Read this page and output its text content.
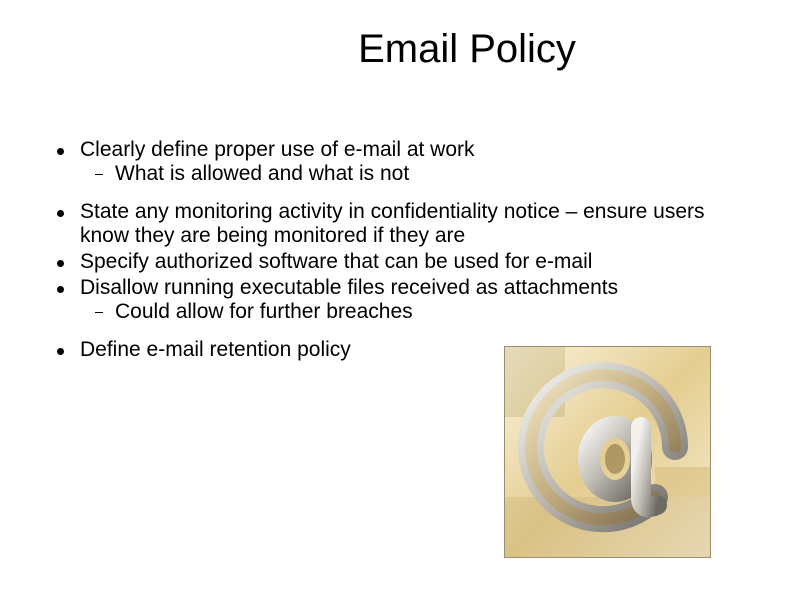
Email Policy
Clearly define proper use of e-mail at work
What is allowed and what is not
State any monitoring activity in confidentiality notice – ensure users know they are being monitored if they are
Specify authorized software that can be used for e-mail
Disallow running executable files received as attachments
Could allow for further breaches
Define e-mail retention policy
